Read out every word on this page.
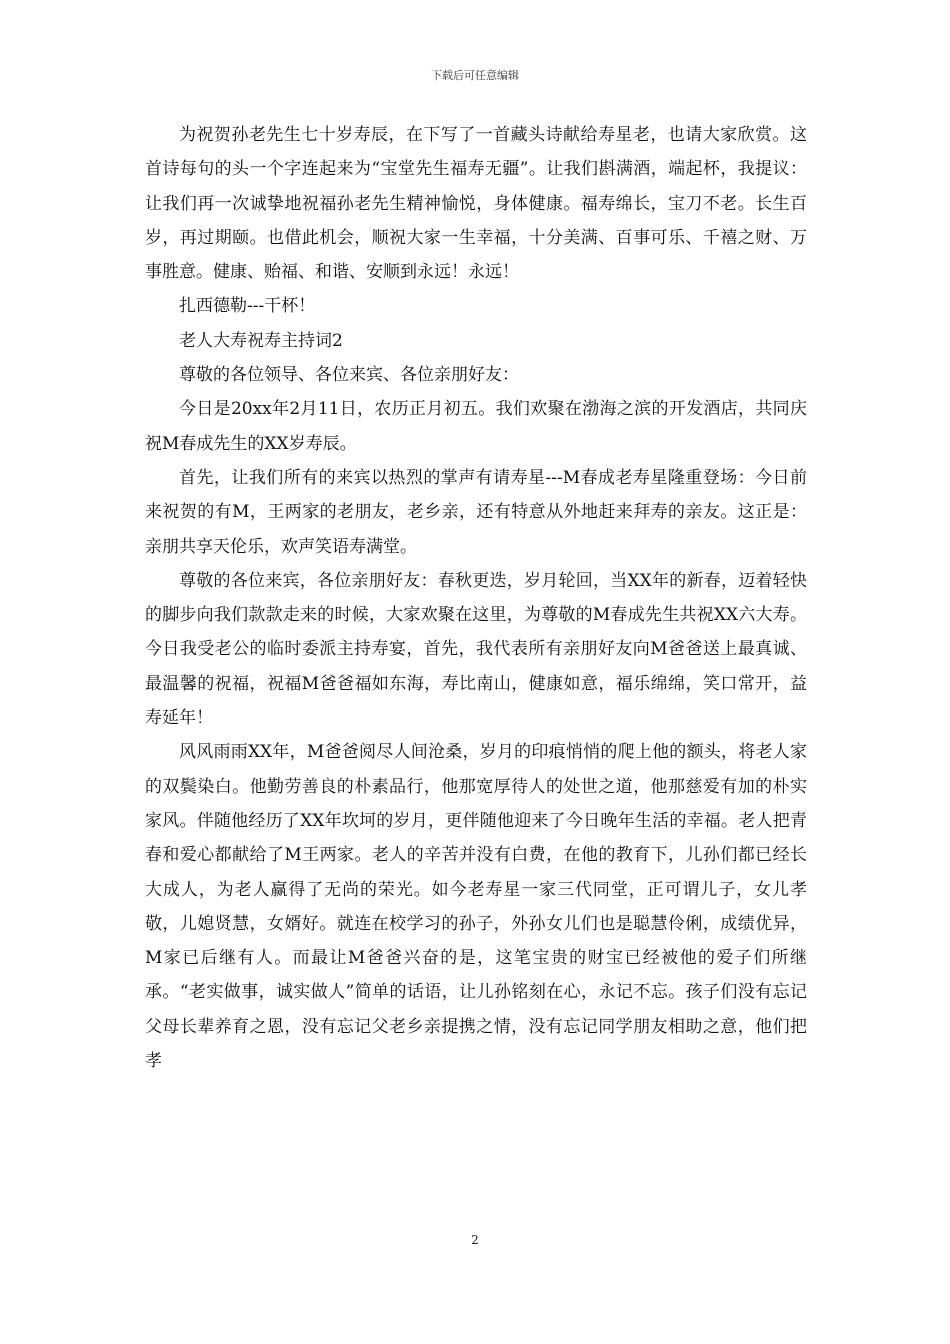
下载后可任意编辑

为祝贺孙老先生七十岁寿辰，在下写了一首藏头诗献给寿星老，也请大家欣赏。这首诗每句的头一个字连起来为“宝堂先生福寿无疆”。让我们斟满酒，端起杯，我提议：让我们再一次诚挚地祝福孙老先生精神愉悦，身体健康。福寿绵长，宝刀不老。长生百岁，再过期颐。也借此机会，顺祝大家一生幸福，十分美满、百事可乐、千禧之财、万事胜意。健康、贻福、和谐、安顺到永远！永远！

扎西德勒---干杯！

老人大寿祝寿主持词2

尊敬的各位领导、各位来宾、各位亲朋好友：

今日是20xx年2月11日，农历正月初五。我们欢聚在渤海之滨的开发酒店，共同庆祝M春成先生的XX岁寿辰。

首先，让我们所有的来宾以热烈的掌声有请寿星---M春成老寿星隆重登场：今日前来祝贺的有M，王两家的老朋友，老乡亲，还有特意从外地赶来拜寿的亲友。这正是：亲朋共享天伦乐，欢声笑语寿满堂。

尊敬的各位来宾，各位亲朋好友：春秋更迭，岁月轮回，当XX年的新春，迈着轻快的脚步向我们款款走来的时候，大家欢聚在这里，为尊敬的M春成先生共祝XX六大寿。今日我受老公的临时委派主持寿宴，首先，我代表所有亲朋好友向M爸爸送上最真诚、最温馨的祝福，祝福M爸爸福如东海，寿比南山，健康如意，福乐绵绵，笑口常开，益寿延年！

风风雨雨XX年，M爸爸阅尽人间沧桑，岁月的印痕悄悄的爬上他的额头，将老人家的双鬓染白。他勤劳善良的朴素品行，他那宽厚待人的处世之道，他那慈爱有加的朴实家风。伴随他经历了XX年坎坷的岁月，更伴随他迎来了今日晚年生活的幸福。老人把青春和爱心都献给了M王两家。老人的辛苦并没有白费，在他的教育下，儿孙们都已经长大成人，为老人赢得了无尚的荣光。如今老寿星一家三代同堂，正可谓儿子，女儿孝敬，儿媳贤慧，女婿好。就连在校学习的孙子，外孙女儿们也是聪慧伶俐，成绩优异，M家已后继有人。而最让M爸爸兴奋的是，这笔宝贵的财宝已经被他的爱子们所继承。“老实做事，诚实做人”简单的话语，让儿孙铭刻在心，永记不忘。孩子们没有忘记父母长辈养育之恩，没有忘记父老乡亲提携之情，没有忘记同学朋友相助之意，他们把孝

2
